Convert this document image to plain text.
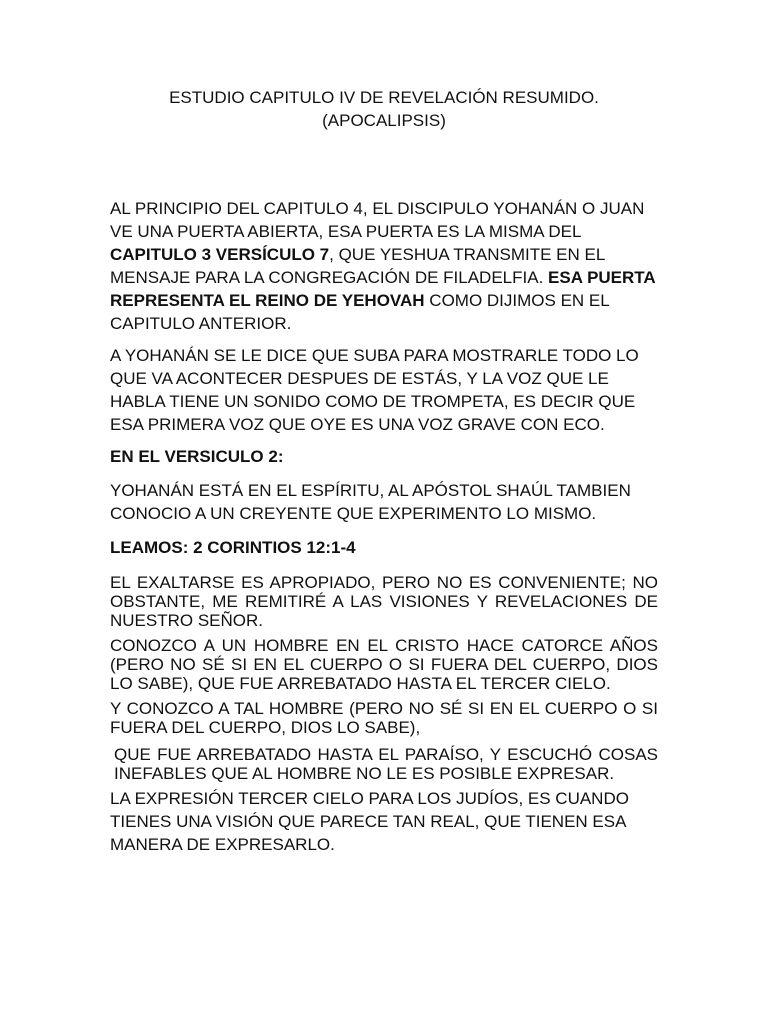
ESTUDIO CAPITULO IV DE REVELACIÓN RESUMIDO.
(APOCALIPSIS)

AL PRINCIPIO DEL CAPITULO 4, EL DISCIPULO YOHANÁN O JUAN VE UNA PUERTA ABIERTA, ESA PUERTA ES LA MISMA DEL CAPITULO 3 VERSÍCULO 7, QUE YESHUA TRANSMITE EN EL MENSAJE PARA LA CONGREGACIÓN DE FILADELFIA. ESA PUERTA REPRESENTA EL REINO DE YEHOVAH COMO DIJIMOS EN EL CAPITULO ANTERIOR.

A YOHANÁN SE LE DICE QUE SUBA PARA MOSTRARLE TODO LO QUE VA ACONTECER DESPUES DE ESTÁS, Y LA VOZ QUE LE HABLA TIENE UN SONIDO COMO DE TROMPETA, ES DECIR QUE ESA PRIMERA VOZ QUE OYE ES UNA VOZ GRAVE CON ECO.

EN EL VERSICULO 2:

YOHANÁN ESTÁ EN EL ESPÍRITU, AL APÓSTOL SHAÚL TAMBIEN CONOCIO A UN CREYENTE QUE EXPERIMENTO LO MISMO.

LEAMOS: 2 CORINTIOS 12:1-4

EL EXALTARSE ES APROPIADO, PERO NO ES CONVENIENTE; NO OBSTANTE, ME REMITIRÉ A LAS VISIONES Y REVELACIONES DE NUESTRO SEÑOR.

CONOZCO A UN HOMBRE EN EL CRISTO HACE CATORCE AÑOS (PERO NO SÉ SI EN EL CUERPO O SI FUERA DEL CUERPO, DIOS LO SABE), QUE FUE ARREBATADO HASTA EL TERCER CIELO.

Y CONOZCO A TAL HOMBRE (PERO NO SÉ SI EN EL CUERPO O SI FUERA DEL CUERPO, DIOS LO SABE),

QUE FUE ARREBATADO HASTA EL PARAÍSO, Y ESCUCHÓ COSAS INEFABLES QUE AL HOMBRE NO LE ES POSIBLE EXPRESAR.

LA EXPRESIÓN TERCER CIELO PARA LOS JUDÍOS, ES CUANDO TIENES UNA VISIÓN QUE PARECE TAN REAL, QUE TIENEN ESA MANERA DE EXPRESARLO.
